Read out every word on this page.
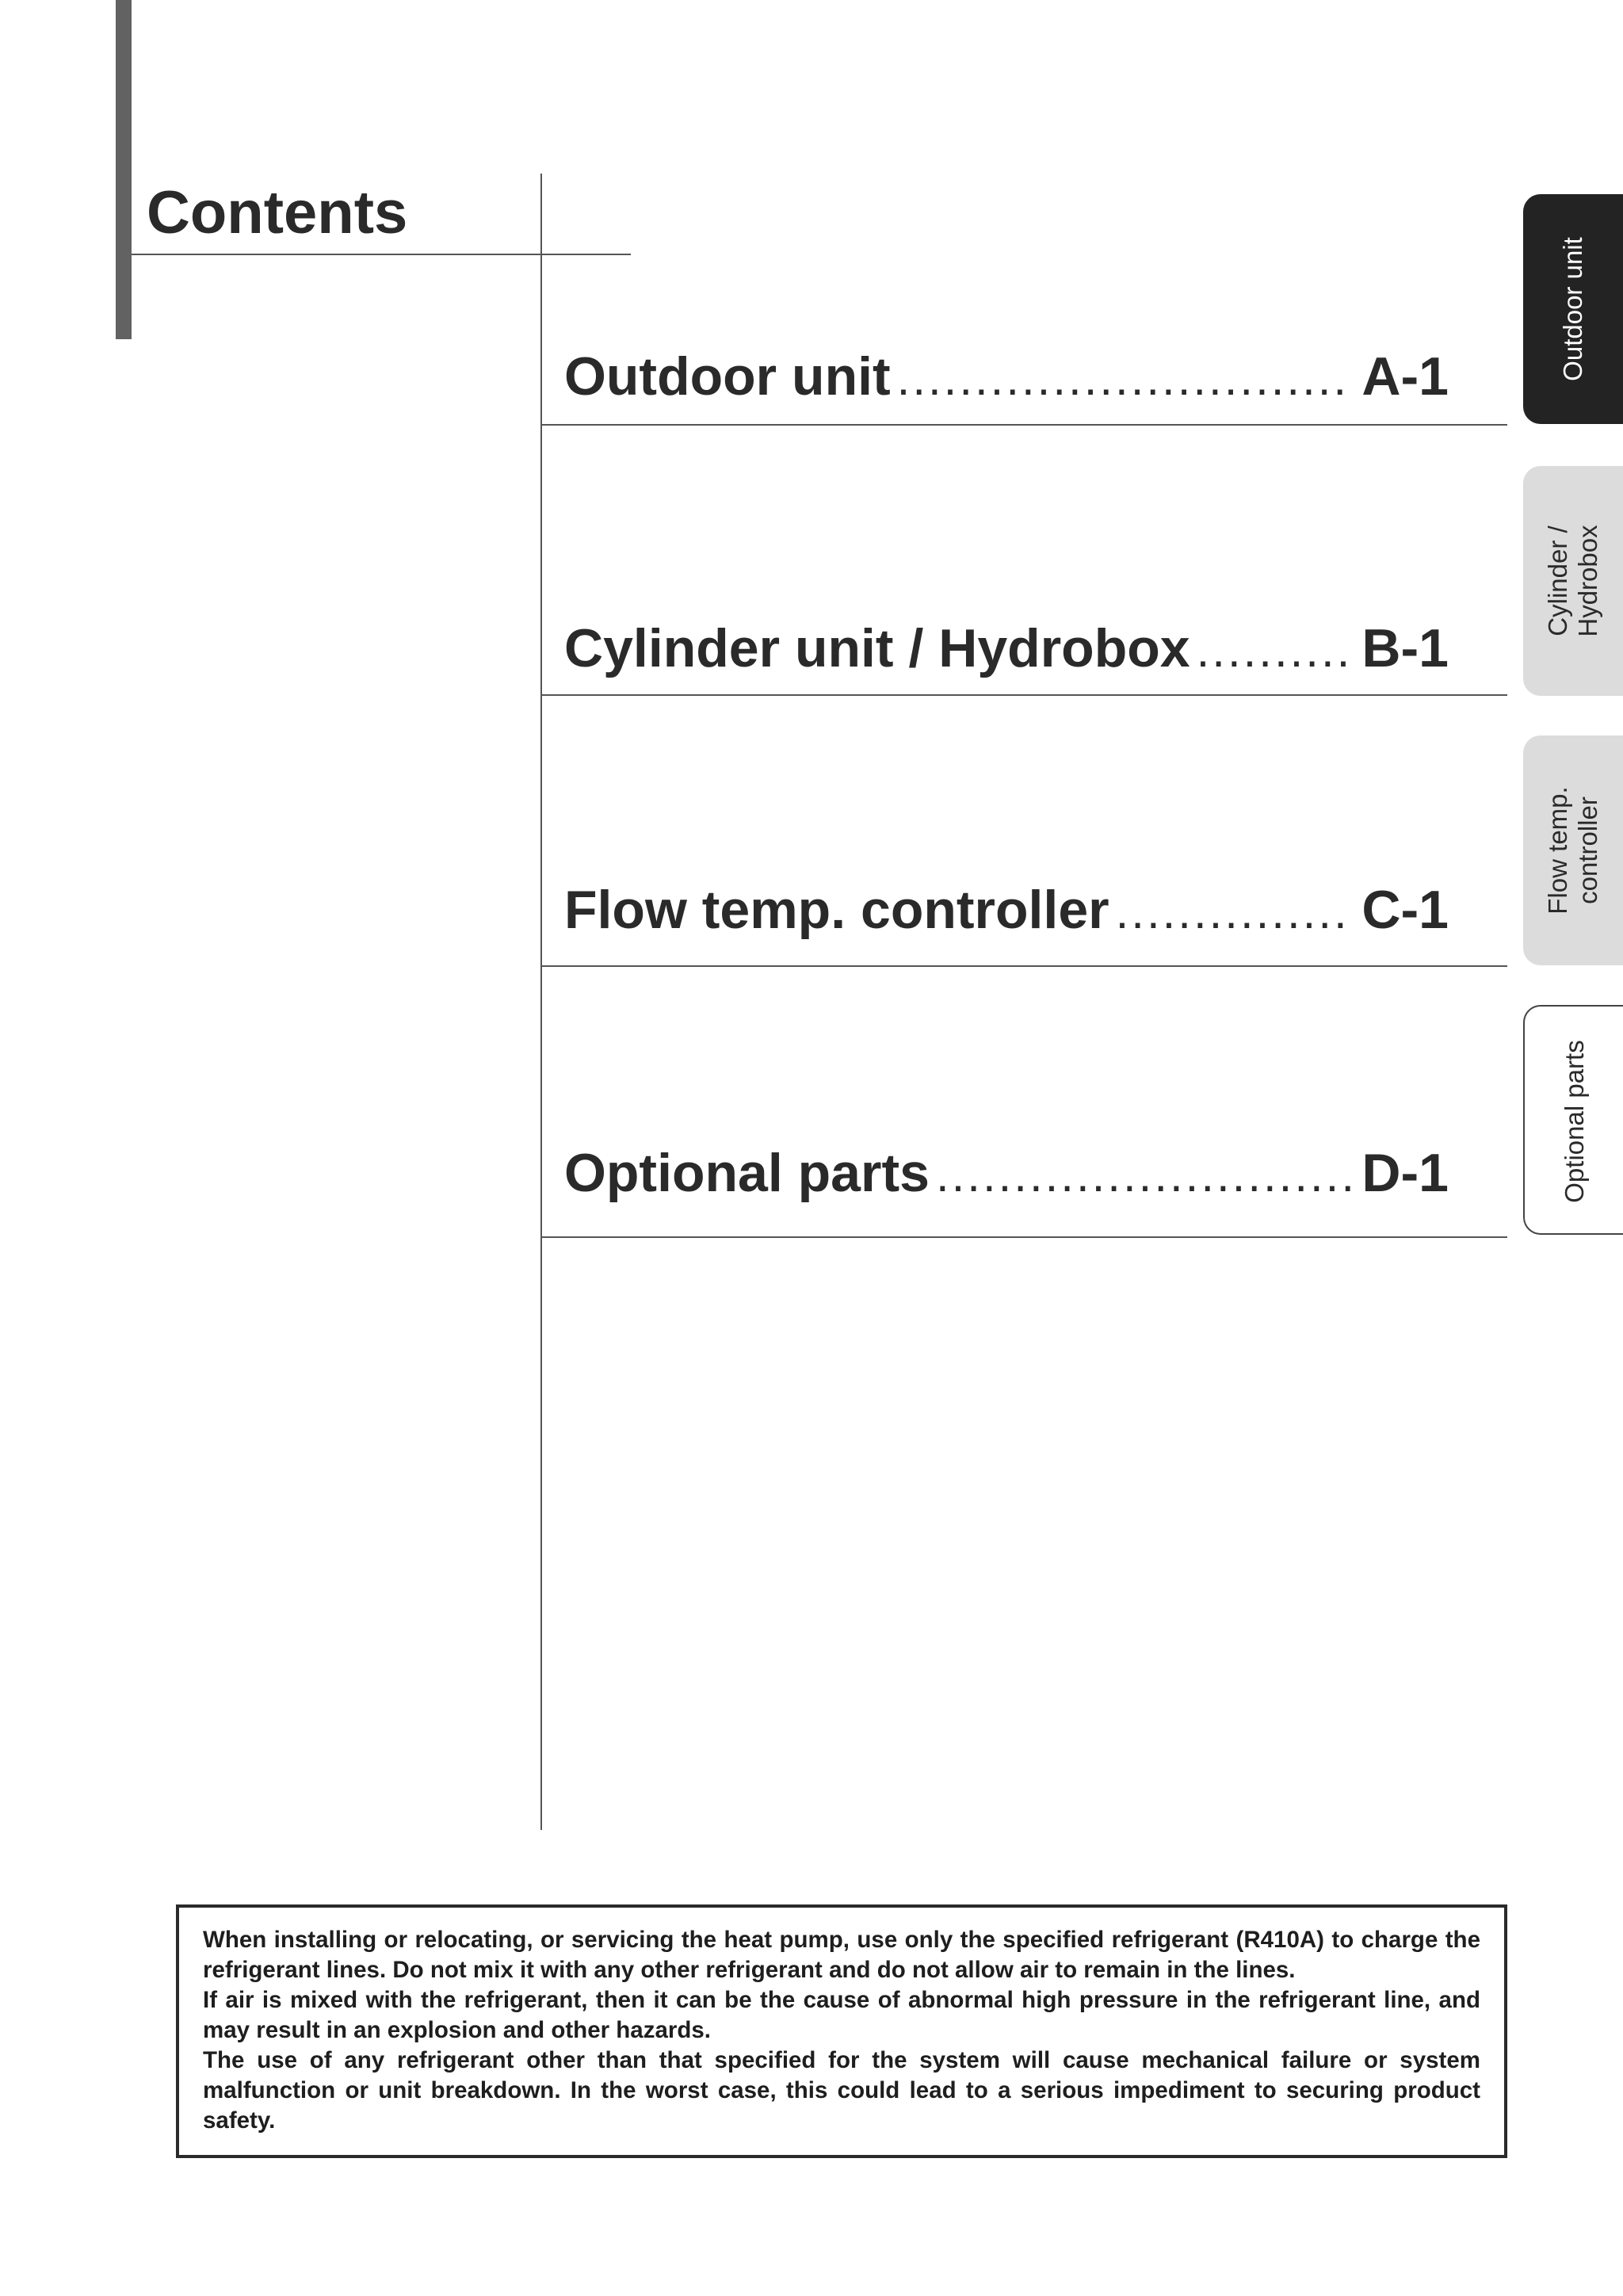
Contents
Outdoor unit .....	A-1
Cylinder unit / Hydrobox .....	B-1
Flow temp. controller .....	C-1
Optional parts .....	D-1
Outdoor unit
Cylinder /
Hydrobox
Flow temp.
controller
Optional parts

When installing or relocating, or servicing the heat pump, use only the specified refrigerant (R410A) to charge the refrigerant lines. Do not mix it with any other refrigerant and do not allow air to remain in the lines.

If air is mixed with the refrigerant, then it can be the cause of abnormal high pressure in the refrigerant line, and may result in an explosion and other hazards.

The use of any refrigerant other than that specified for the system will cause mechanical failure or system malfunction or unit breakdown. In the worst case, this could lead to a serious impediment to securing product safety.
